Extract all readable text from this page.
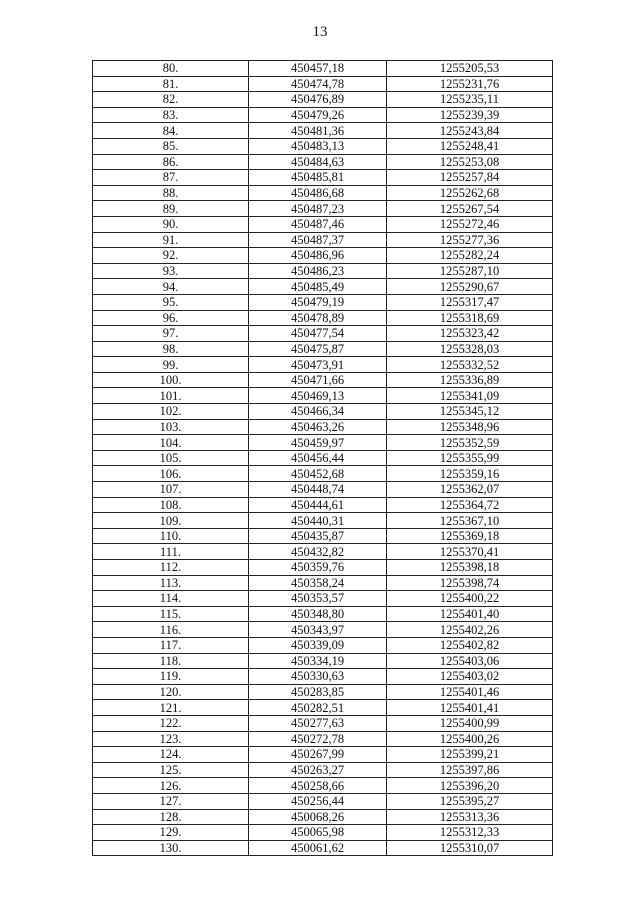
13
80.	450457,18	1255205,53
81.	450474,78	1255231,76
82.	450476,89	1255235,11
83.	450479,26	1255239,39
84.	450481,36	1255243,84
85.	450483,13	1255248,41
86.	450484,63	1255253,08
87.	450485,81	1255257,84
88.	450486,68	1255262,68
89.	450487,23	1255267,54
90.	450487,46	1255272,46
91.	450487,37	1255277,36
92.	450486,96	1255282,24
93.	450486,23	1255287,10
94.	450485,49	1255290,67
95.	450479,19	1255317,47
96.	450478,89	1255318,69
97.	450477,54	1255323,42
98.	450475,87	1255328,03
99.	450473,91	1255332,52
100.	450471,66	1255336,89
101.	450469,13	1255341,09
102.	450466,34	1255345,12
103.	450463,26	1255348,96
104.	450459,97	1255352,59
105.	450456,44	1255355,99
106.	450452,68	1255359,16
107.	450448,74	1255362,07
108.	450444,61	1255364,72
109.	450440,31	1255367,10
110.	450435,87	1255369,18
111.	450432,82	1255370,41
112.	450359,76	1255398,18
113.	450358,24	1255398,74
114.	450353,57	1255400,22
115.	450348,80	1255401,40
116.	450343,97	1255402,26
117.	450339,09	1255402,82
118.	450334,19	1255403,06
119.	450330,63	1255403,02
120.	450283,85	1255401,46
121.	450282,51	1255401,41
122.	450277,63	1255400,99
123.	450272,78	1255400,26
124.	450267,99	1255399,21
125.	450263,27	1255397,86
126.	450258,66	1255396,20
127.	450256,44	1255395,27
128.	450068,26	1255313,36
129.	450065,98	1255312,33
130.	450061,62	1255310,07
